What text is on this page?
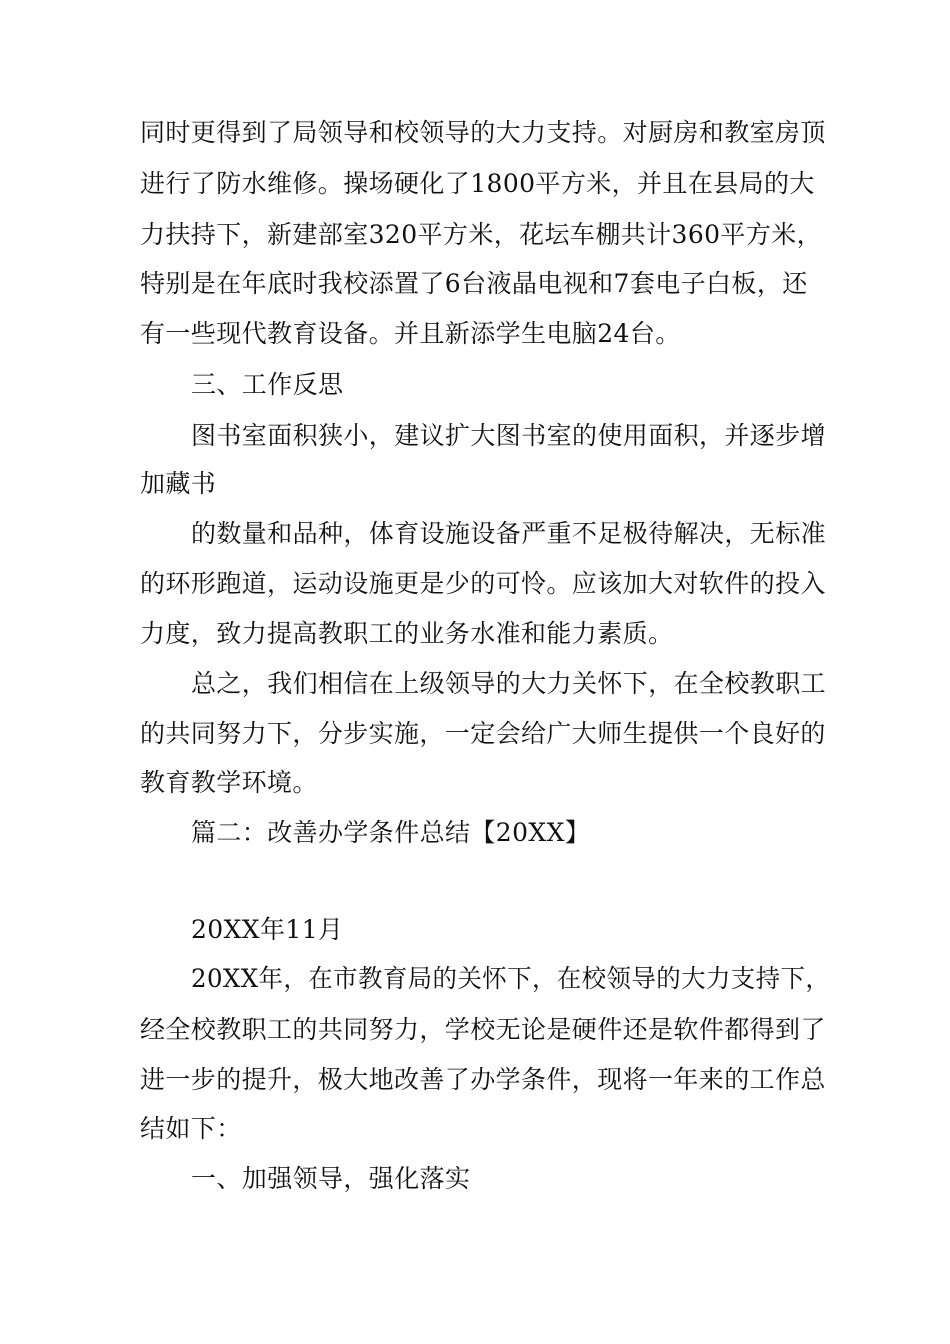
同时更得到了局领导和校领导的大力支持。对厨房和教室房顶
进行了防水维修。操场硬化了1800平方米，并且在县局的大
力扶持下，新建部室320平方米，花坛车棚共计360平方米，
特别是在年底时我校添置了6台液晶电视和7套电子白板，还
有一些现代教育设备。并且新添学生电脑24台。
三、工作反思
图书室面积狭小，建议扩大图书室的使用面积，并逐步增
加藏书
的数量和品种，体育设施设备严重不足极待解决，无标准
的环形跑道，运动设施更是少的可怜。应该加大对软件的投入
力度，致力提高教职工的业务水准和能力素质。
总之，我们相信在上级领导的大力关怀下，在全校教职工
的共同努力下，分步实施，一定会给广大师生提供一个良好的
教育教学环境。
篇二：改善办学条件总结【20XX】
20XX年11月
20XX年，在市教育局的关怀下，在校领导的大力支持下，
经全校教职工的共同努力，学校无论是硬件还是软件都得到了
进一步的提升，极大地改善了办学条件，现将一年来的工作总
结如下：
一、加强领导，强化落实
